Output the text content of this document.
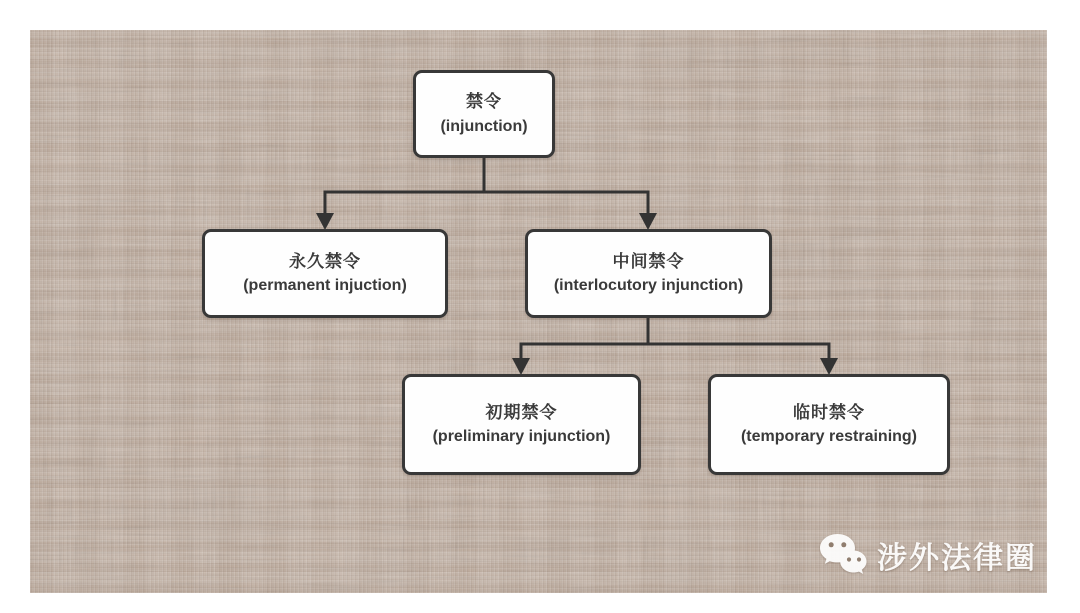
禁令
(injunction)
永久禁令
(permanent injuction)
中间禁令
(interlocutory injunction)
初期禁令
(preliminary injunction)
临时禁令
(temporary restraining)
涉外法律圈
